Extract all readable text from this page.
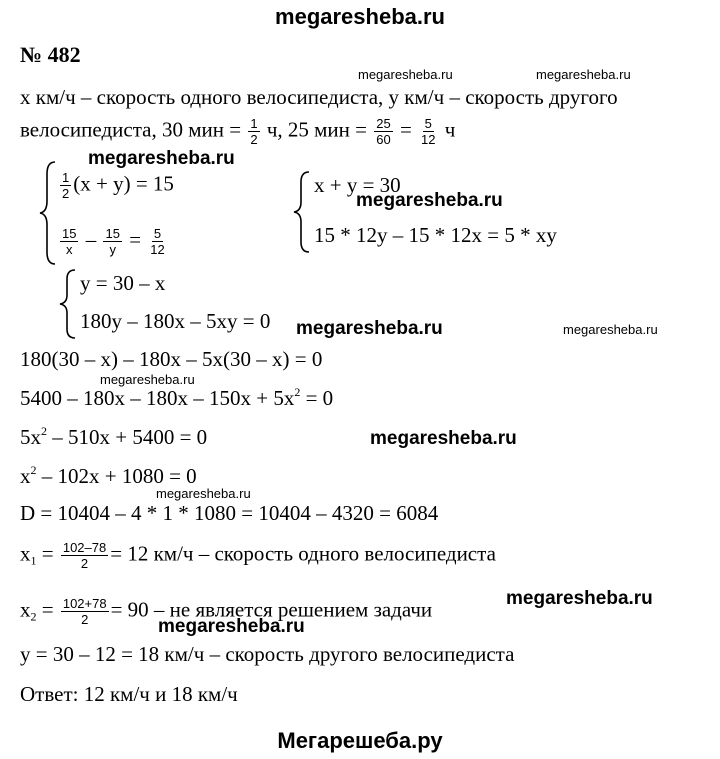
megaresheba.ru
№ 482
megaresheba.ru	megaresheba.ru
x км/ч – скорость одного велосипедиста, y км/ч – скорость другого
велосипедиста, 30 мин = $\frac{1}{2} ч$, 25 мин = $\frac{25}{60} = \frac{5}{12}$ ч
megaresheba.ru
$\frac{1}{2} (x + y) = 15$
$\frac{15}{x} - \frac{15}{y} = \frac{5}{12}$
x + y = 30
megaresheba.ru
15 * 12y – 15 * 12x = 5 * xy
y = 30 – x
180y – 180x – 5xy = 0 megaresheba.ru	megaresheba.ru
180(30 – x) – 180x – 5x(30 – x) = 0
megaresheba.ru
$5400 - 180x - 180x - 150x + 5x^2 = 0$
$5x^2 - 510x + 5400 = 0$
$x^2 - 102x + 1080 = 0$
megaresheba.ru
megaresheba.ru
D = 10404 – 4 * 1 * 1080 = 10404 – 4320 = 6084
$x_1 = \frac{102-78}{2} = 12$ км/ч – скорость одного велосипедиста
$x_2 = \frac{102+78}{2} = 90$ – не является решением задачи	megaresheba.ru
megaresheba.ru
y = 30 – 12 = 18 км/ч – скорость другого велосипедиста
Ответ: 12 км/ч и 18 км/ч
Мегарешеба.ру
